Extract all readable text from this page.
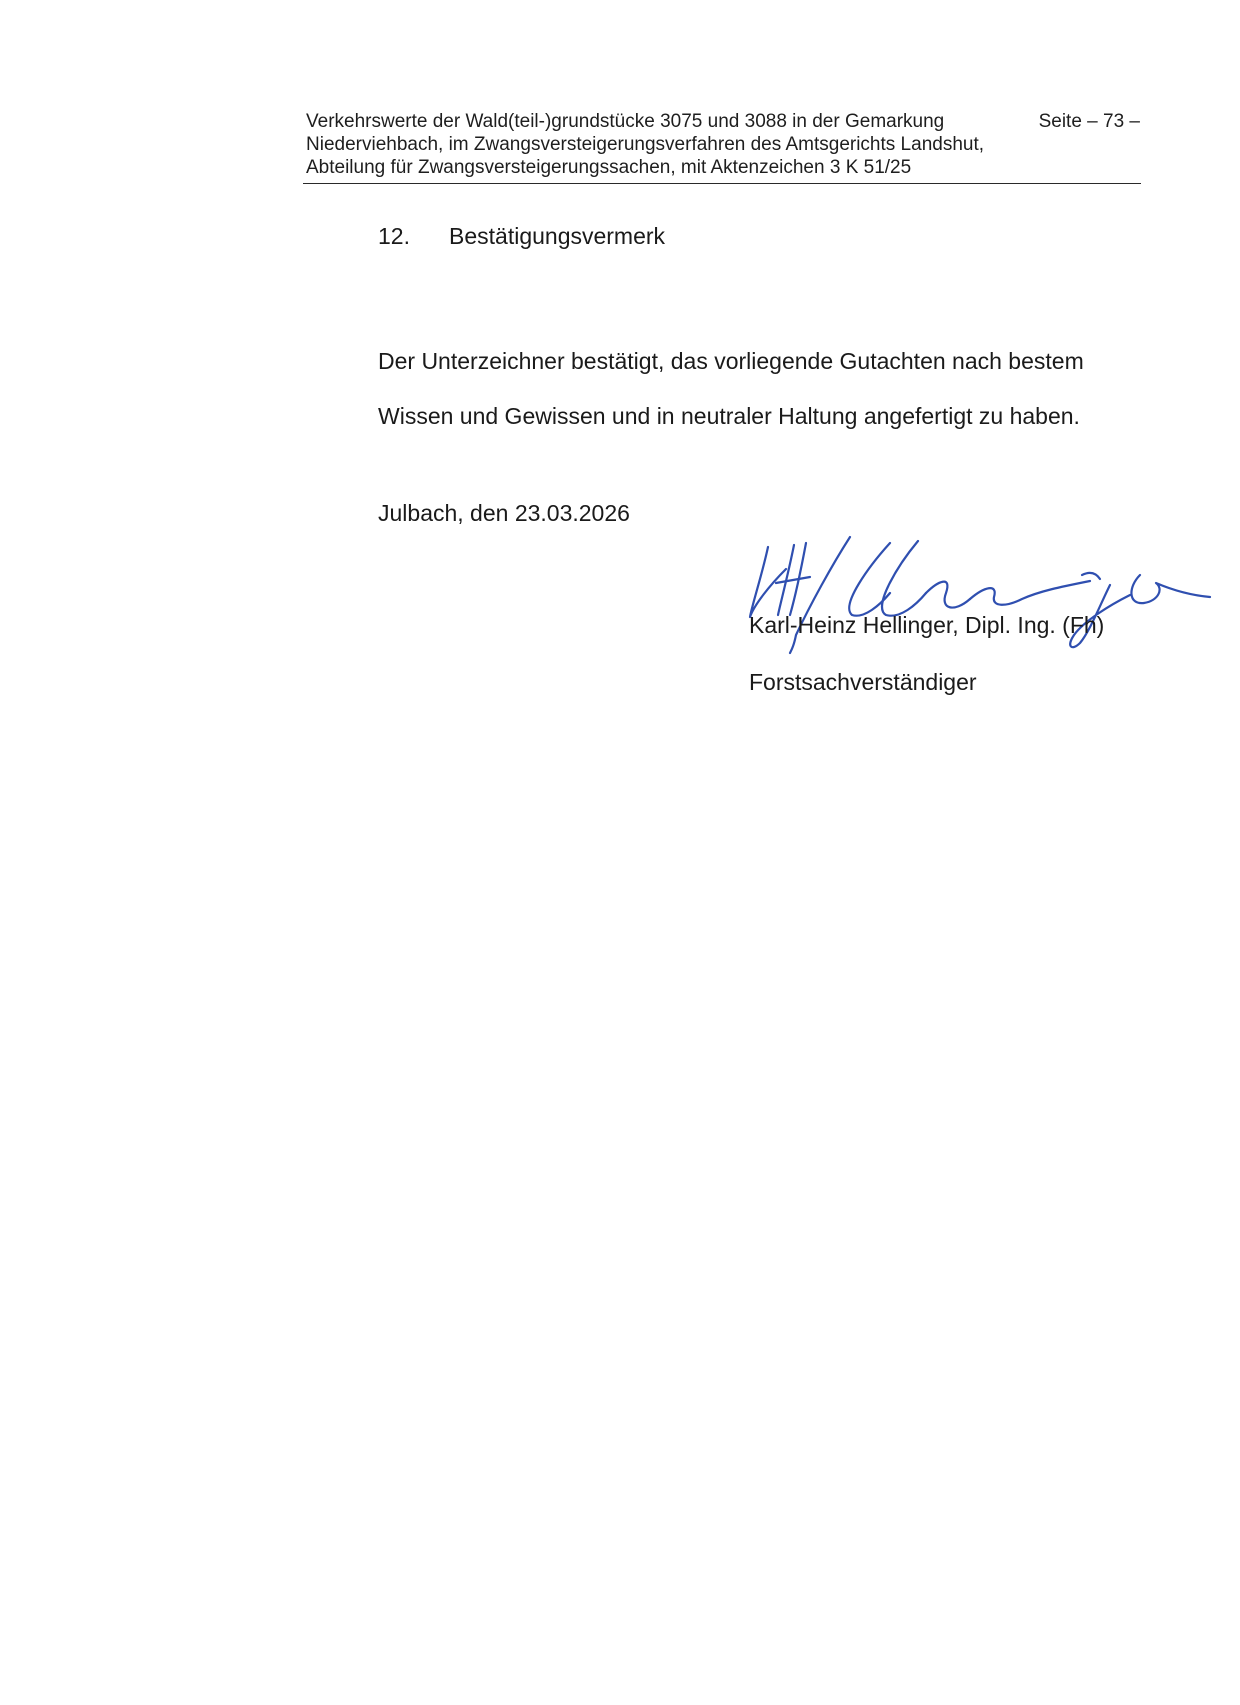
Verkehrswerte der Wald(teil-)grundstücke 3075 und 3088 in der Gemarkung
Niederviehbach, im Zwangsversteigerungsverfahren des Amtsgerichts Landshut,
Abteilung für Zwangsversteigerungssachen, mit Aktenzeichen 3 K 51/25
Seite – 73 –
12. Bestätigungsvermerk
Der Unterzeichner bestätigt, das vorliegende Gutachten nach bestem
Wissen und Gewissen und in neutraler Haltung angefertigt zu haben.
Julbach, den 23.03.2026
Karl-Heinz Hellinger, Dipl. Ing. (Fh)
Forstsachverständiger
